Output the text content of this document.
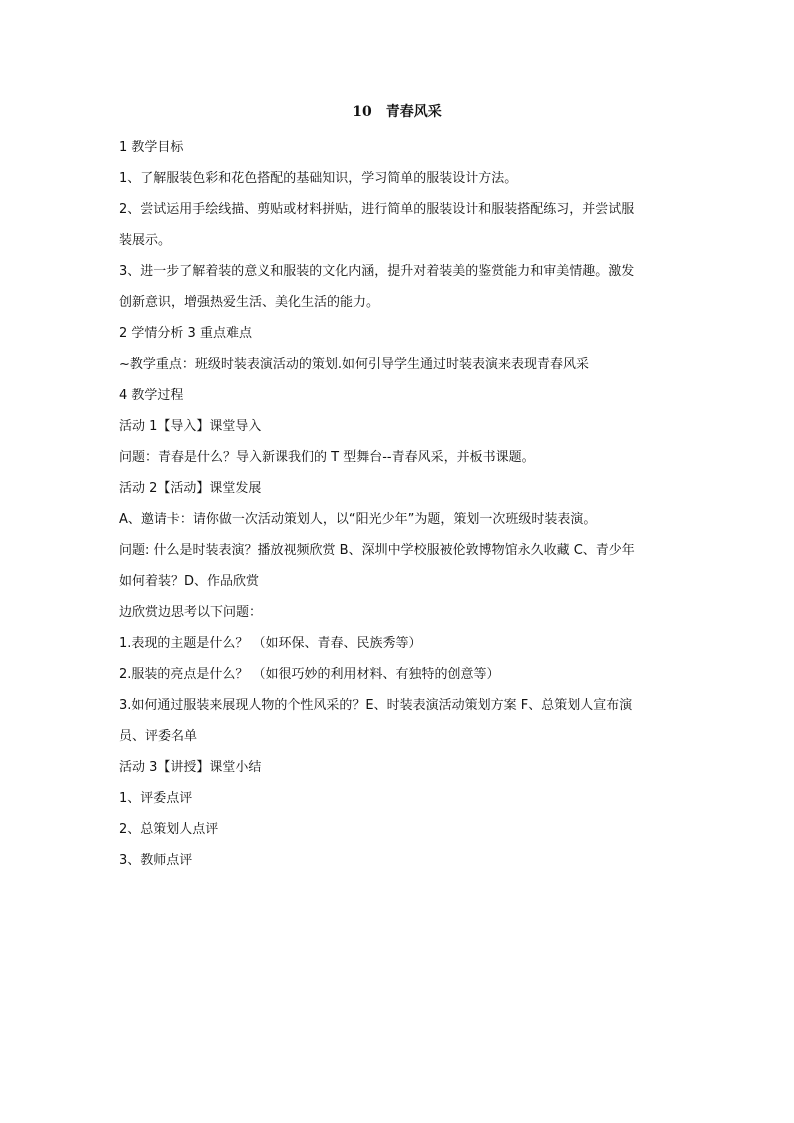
10　青春风采

1 教学目标

1、了解服装色彩和花色搭配的基础知识，学习简单的服装设计方法。

2、尝试运用手绘线描、剪贴或材料拼贴，进行简单的服装设计和服装搭配练习，并尝试服

装展示。

3、进一步了解着装的意义和服装的文化内涵，提升对着装美的鉴赏能力和审美情趣。激发

创新意识，增强热爱生活、美化生活的能力。

2 学情分析 3 重点难点

~教学重点：班级时装表演活动的策划.如何引导学生通过时装表演来表现青春风采

4 教学过程

活动 1【导入】课堂导入

问题：青春是什么？导入新课我们的 T 型舞台--青春风采，并板书课题。

活动 2【活动】课堂发展

A、邀请卡：请你做一次活动策划人，以“阳光少年”为题，策划一次班级时装表演。

问题: 什么是时装表演？播放视频欣赏 B、深圳中学校服被伦敦博物馆永久收藏 C、青少年

如何着装？D、作品欣赏

边欣赏边思考以下问题：

1.表现的主题是什么？ （如环保、青春、民族秀等）

2.服装的亮点是什么？ （如很巧妙的利用材料、有独特的创意等）

3.如何通过服装来展现人物的个性风采的？E、时装表演活动策划方案 F、总策划人宣布演

员、评委名单

活动 3【讲授】课堂小结

1、评委点评

2、总策划人点评

3、教师点评
